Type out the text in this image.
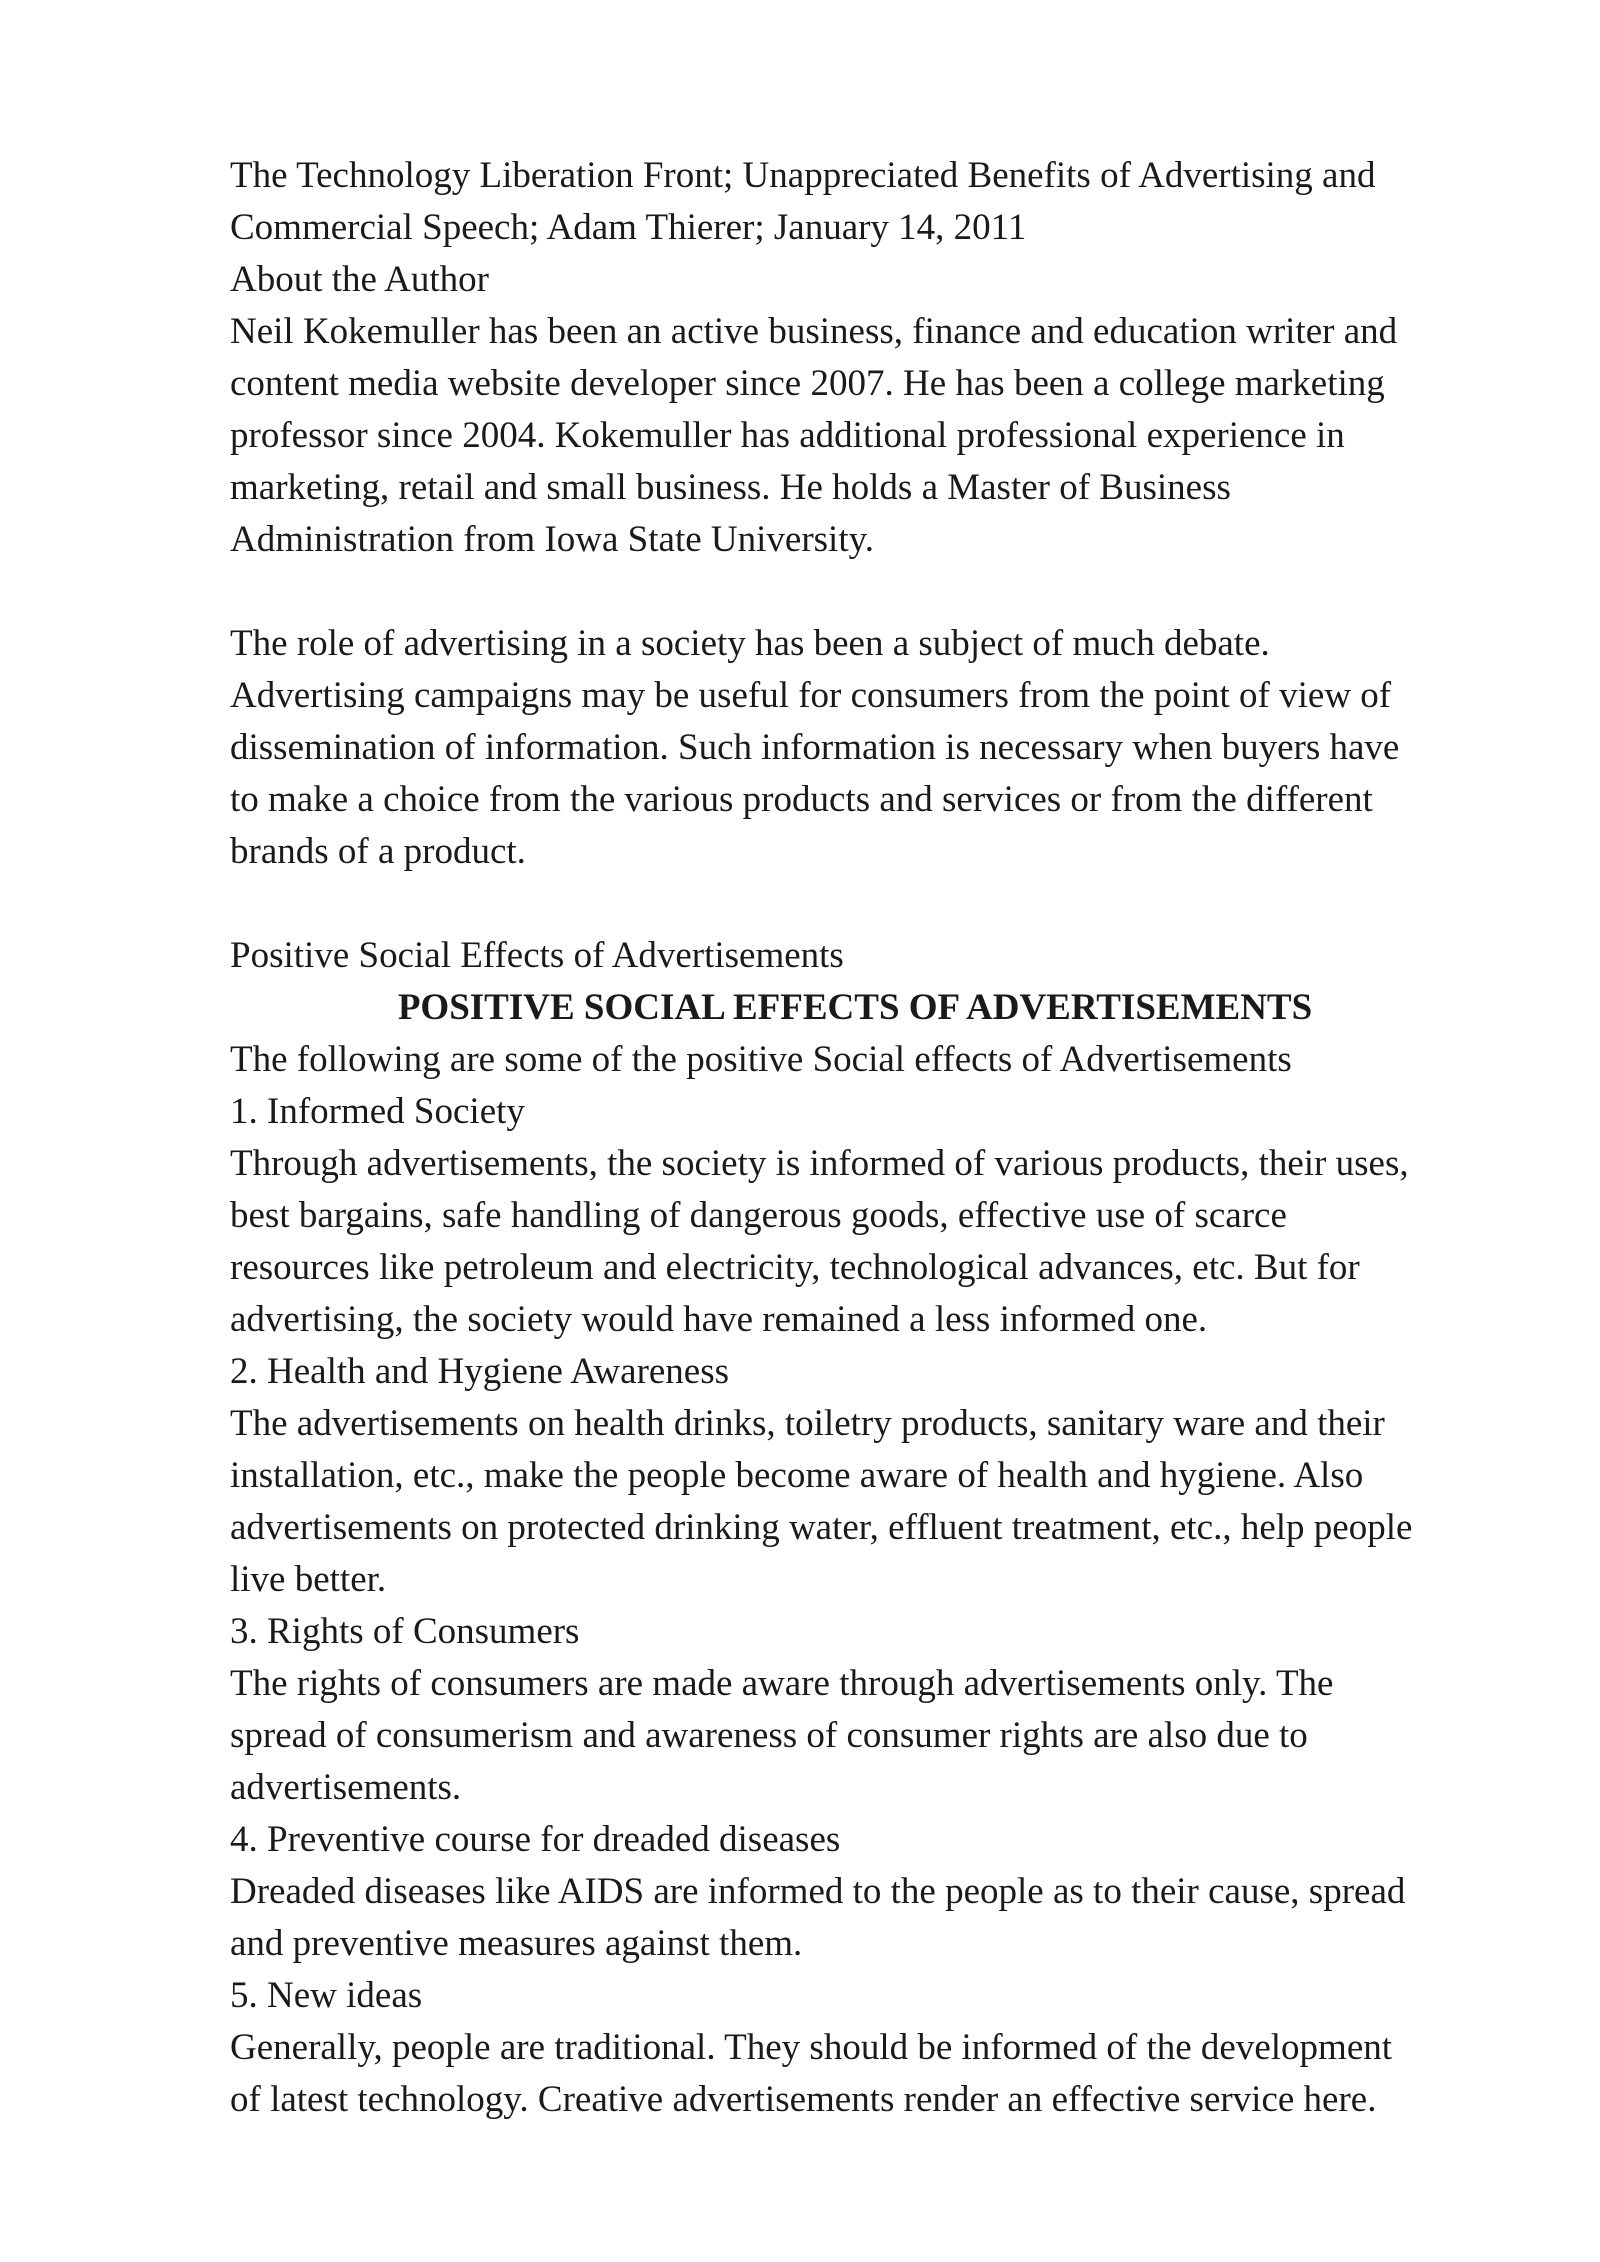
The Technology Liberation Front; Unappreciated Benefits of Advertising and
Commercial Speech; Adam Thierer; January 14, 2011

About the Author

Neil Kokemuller has been an active business, finance and education writer and
content media website developer since 2007. He has been a college marketing
professor since 2004. Kokemuller has additional professional experience in
marketing, retail and small business. He holds a Master of Business
Administration from Iowa State University.
The role of advertising in a society has been a subject of much debate.
Advertising campaigns may be useful for consumers from the point of view of
dissemination of information. Such information is necessary when buyers have
to make a choice from the various products and services or from the different
brands of a product.

Positive Social Effects of Advertisements

POSITIVE SOCIAL EFFECTS OF ADVERTISEMENTS

The following are some of the positive Social effects of Advertisements

1. Informed Society
Through advertisements, the society is informed of various products, their uses,
best bargains, safe handling of dangerous goods, effective use of scarce
resources like petroleum and electricity, technological advances, etc. But for
advertising, the society would have remained a less informed one.
2. Health and Hygiene Awareness
The advertisements on health drinks, toiletry products, sanitary ware and their
installation, etc., make the people become aware of health and hygiene. Also
advertisements on protected drinking water, effluent treatment, etc., help people
live better.
3. Rights of Consumers
The rights of consumers are made aware through advertisements only. The
spread of consumerism and awareness of consumer rights are also due to
advertisements.
4. Preventive course for dreaded diseases
Dreaded diseases like AIDS are informed to the people as to their cause, spread
and preventive measures against them.
5. New ideas
Generally, people are traditional. They should be informed of the development
of latest technology. Creative advertisements render an effective service here.
